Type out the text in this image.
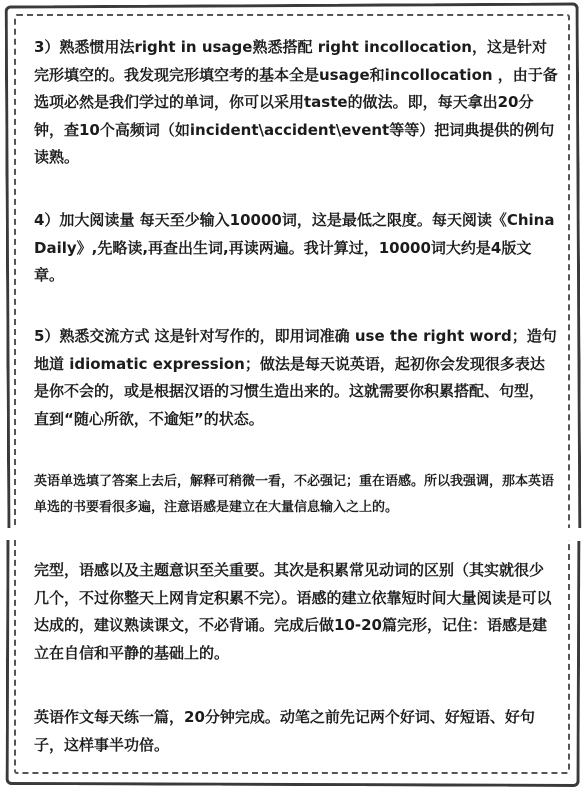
3）熟悉惯用法right in usage熟悉搭配 right incollocation，这是针对完形填空的。我发现完形填空考的基本全是usage和incollocation ，由于备选项必然是我们学过的单词，你可以采用taste的做法。即，每天拿出20分钟，查10个高频词（如incident\accident\event等等）把词典提供的例句读熟。

4）加大阅读量 每天至少输入10000词，这是最低之限度。每天阅读《China Daily》,先略读,再查出生词,再读两遍。我计算过，10000词大约是4版文章。

5）熟悉交流方式 这是针对写作的，即用词准确 use the right word；造句地道 idiomatic expression；做法是每天说英语，起初你会发现很多表达是你不会的，或是根据汉语的习惯生造出来的。这就需要你积累搭配、句型，直到“随心所欲，不逾矩”的状态。

英语单选填了答案上去后，解释可稍微一看，不必强记；重在语感。所以我强调，那本英语单选的书要看很多遍，注意语感是建立在大量信息输入之上的。

完型，语感以及主题意识至关重要。其次是积累常见动词的区别（其实就很少几个，不过你整天上网肯定积累不完）。语感的建立依靠短时间大量阅读是可以达成的，建议熟读课文，不必背诵。完成后做10-20篇完形，记住：语感是建立在自信和平静的基础上的。

英语作文每天练一篇，20分钟完成。动笔之前先记两个好词、好短语、好句子，这样事半功倍。
